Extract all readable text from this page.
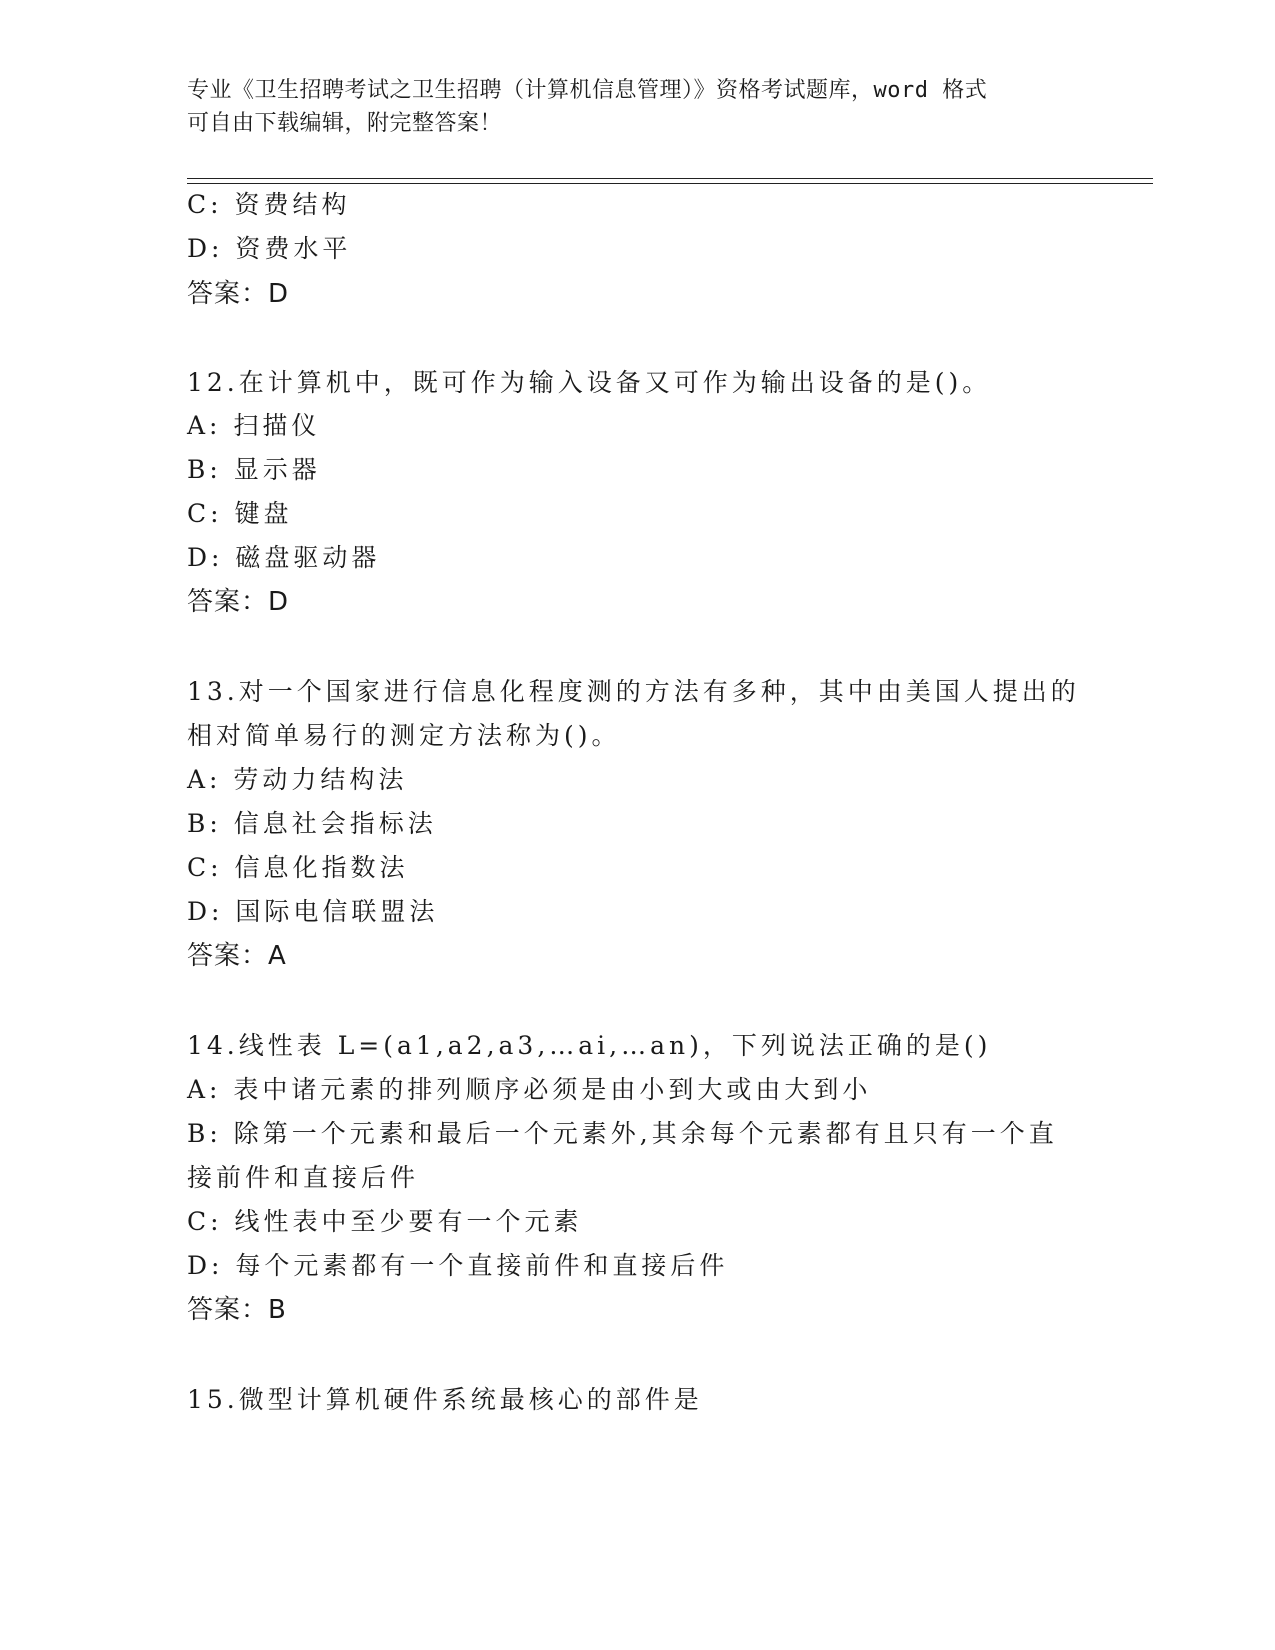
专业《卫生招聘考试之卫生招聘（计算机信息管理）》资格考试题库，word 格式
可自由下载编辑，附完整答案！
C: 资费结构
D: 资费水平
答案：D
12.在计算机中，既可作为输入设备又可作为输出设备的是()。
A: 扫描仪
B: 显示器
C: 键盘
D: 磁盘驱动器
答案：D
13.对一个国家进行信息化程度测的方法有多种，其中由美国人提出的
相对简单易行的测定方法称为()。
A: 劳动力结构法
B: 信息社会指标法
C: 信息化指数法
D: 国际电信联盟法
答案：A
14.线性表 L=(a1,a2,a3,…ai,…an)，下列说法正确的是()
A: 表中诸元素的排列顺序必须是由小到大或由大到小
B: 除第一个元素和最后一个元素外,其余每个元素都有且只有一个直
接前件和直接后件
C: 线性表中至少要有一个元素
D: 每个元素都有一个直接前件和直接后件
答案：B
15.微型计算机硬件系统最核心的部件是
